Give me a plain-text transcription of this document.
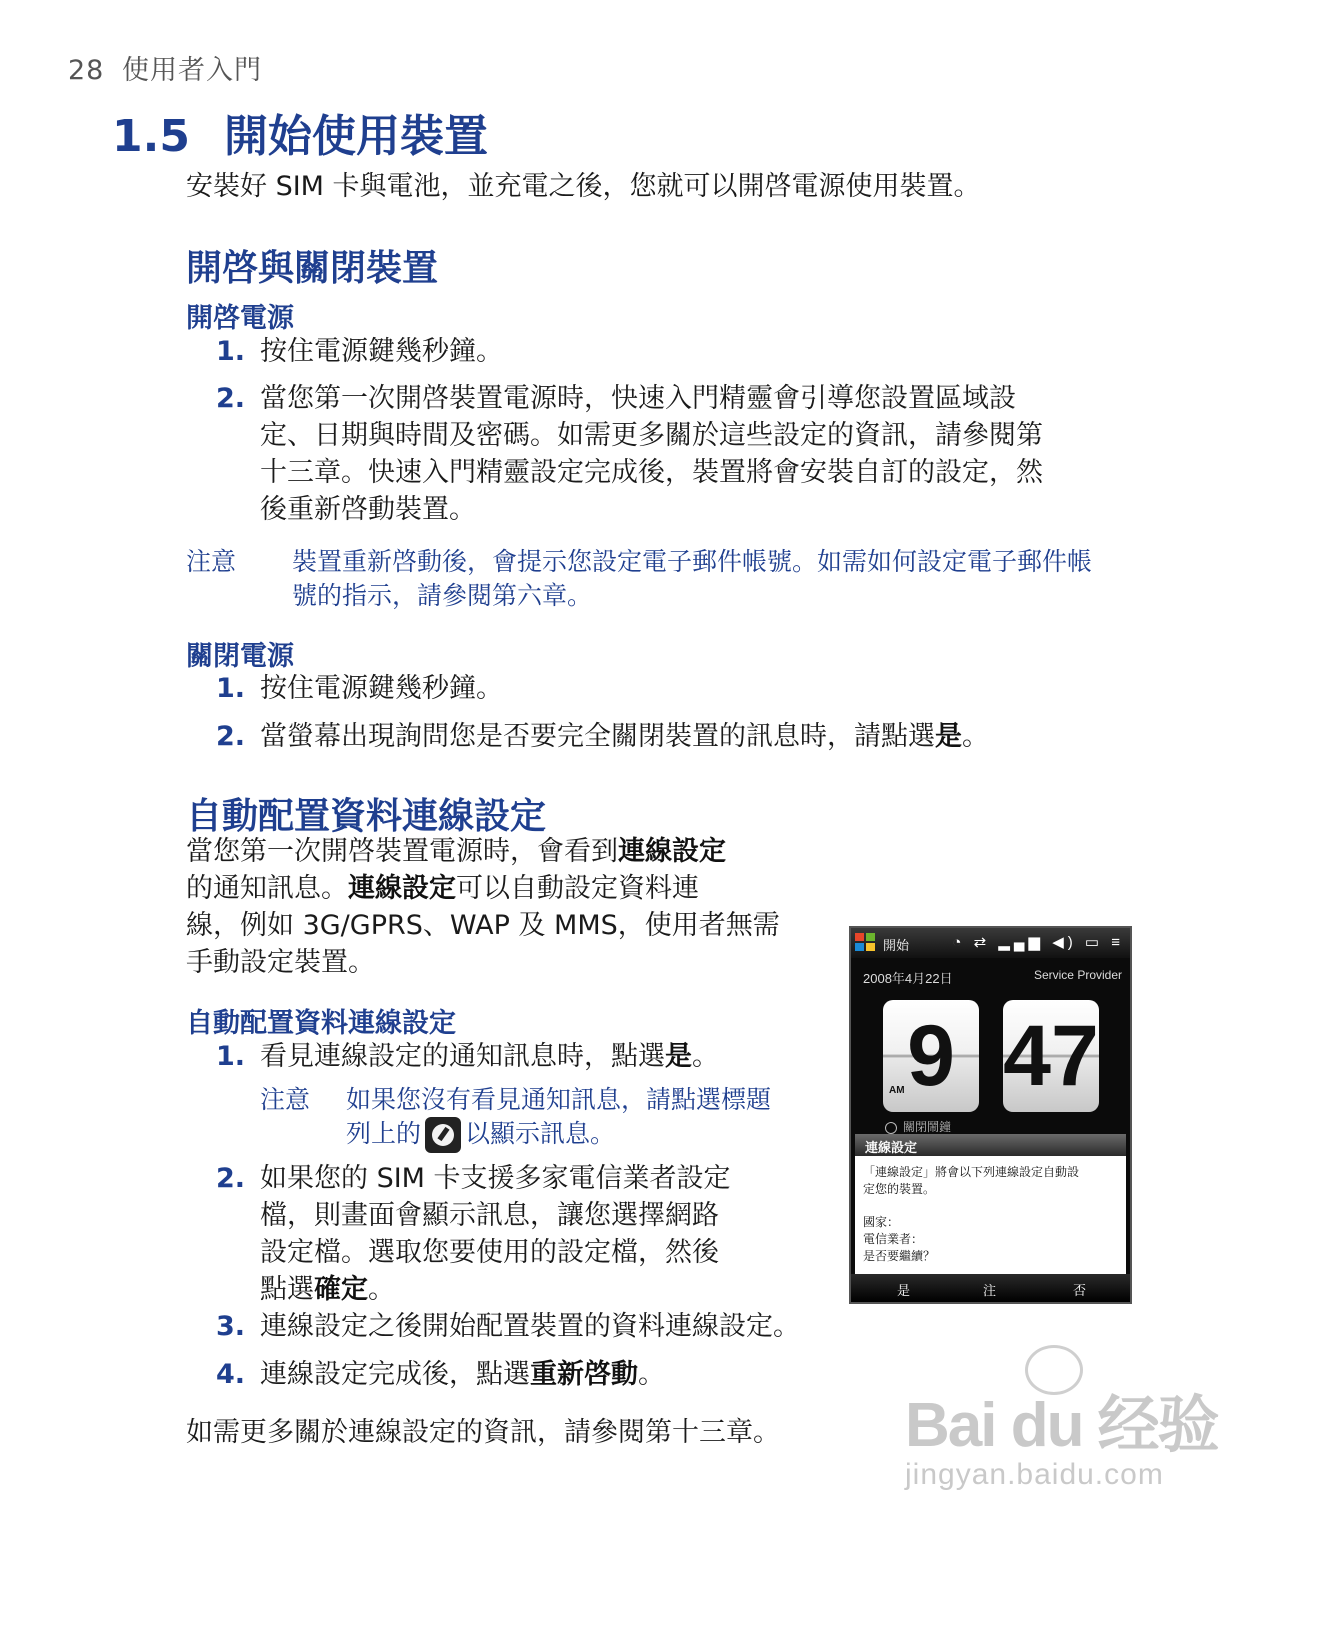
28 使用者入門
1.5 開始使用裝置
安裝好 SIM 卡與電池，並充電之後，您就可以開啓電源使用裝置。
開啓與關閉裝置
開啓電源
1. 按住電源鍵幾秒鐘。
2. 當您第一次開啓裝置電源時，快速入門精靈會引導您設置區域設
定、日期與時間及密碼。如需更多關於這些設定的資訊，請參閱第
十三章。快速入門精靈設定完成後，裝置將會安裝自訂的設定，然
後重新啓動裝置。
注意 裝置重新啓動後，會提示您設定電子郵件帳號。如需如何設定電子郵件帳
號的指示，請參閱第六章。
關閉電源
1. 按住電源鍵幾秒鐘。
2. 當螢幕出現詢問您是否要完全關閉裝置的訊息時，請點選是。
自動配置資料連線設定
當您第一次開啓裝置電源時，會看到連線設定
的通知訊息。連線設定可以自動設定資料連
線，例如 3G/GPRS、WAP 及 MMS，使用者無需
手動設定裝置。
自動配置資料連線設定
1. 看見連線設定的通知訊息時，點選是。
注意 如果您沒有看見通知訊息，請點選標題
列上的 以顯示訊息。
2. 如果您的 SIM 卡支援多家電信業者設定
檔，則畫面會顯示訊息，讓您選擇網路
設定檔。選取您要使用的設定檔，然後
點選確定。
3. 連線設定之後開始配置裝置的資料連線設定。
4. 連線設定完成後，點選重新啓動。
如需更多關於連線設定的資訊，請參閱第十三章。
開始	◔ ⇄ ▂▄▆ ◀) ▭ ≡
2008年4月22日	Service Provider
9
AM 47
關閉鬧鐘
連線設定
「連線設定」將會以下列連線設定自動設
定您的裝置。
國家：
電信業者：
是否要繼續？
是	注	否
Bai du 经验
jingyan.baidu.com
